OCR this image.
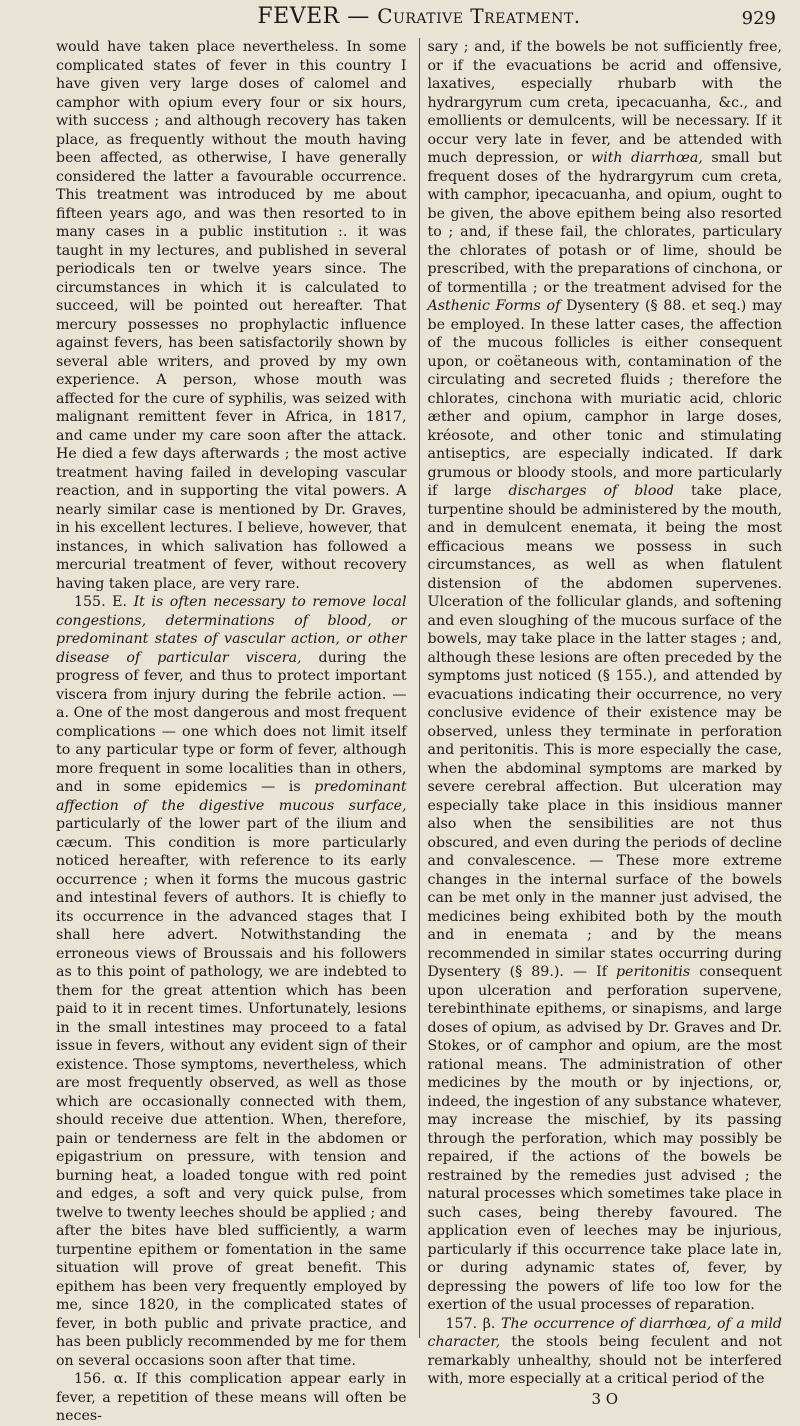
FEVER — Curative Treatment.	929

would have taken place nevertheless. In some complicated states of fever in this country I have given very large doses of calomel and camphor with opium every four or six hours, with success ; and although recovery has taken place, as frequently without the mouth having been affected, as otherwise, I have generally considered the latter a favourable occurrence. This treatment was introduced by me about fifteen years ago, and was then resorted to in many cases in a public institution :. it was taught in my lectures, and published in several periodicals ten or twelve years since. The circumstances in which it is calculated to succeed, will be pointed out hereafter. That mercury possesses no prophylactic influence against fevers, has been satisfactorily shown by several able writers, and proved by my own experience. A person, whose mouth was affected for the cure of syphilis, was seized with malignant remittent fever in Africa, in 1817, and came under my care soon after the attack. He died a few days afterwards ; the most active treatment having failed in developing vascular reaction, and in supporting the vital powers. A nearly similar case is mentioned by Dr. Graves, in his excellent lectures. I believe, however, that instances, in which salivation has followed a mercurial treatment of fever, without recovery having taken place, are very rare.

155. E. It is often necessary to remove local congestions, determinations of blood, or predominant states of vascular action, or other disease of particular viscera, during the progress of fever, and thus to protect important viscera from injury during the febrile action. — a. One of the most dangerous and most frequent complications — one which does not limit itself to any particular type or form of fever, although more frequent in some localities than in others, and in some epidemics — is predominant affection of the digestive mucous surface, particularly of the lower part of the ilium and cæcum. This condition is more particularly noticed hereafter, with reference to its early occurrence ; when it forms the mucous gastric and intestinal fevers of authors. It is chiefly to its occurrence in the advanced stages that I shall here advert. Notwithstanding the erroneous views of Broussais and his followers as to this point of pathology, we are indebted to them for the great attention which has been paid to it in recent times. Unfortunately, lesions in the small intestines may proceed to a fatal issue in fevers, without any evident sign of their existence. Those symptoms, nevertheless, which are most frequently observed, as well as those which are occasionally connected with them, should receive due attention. When, therefore, pain or tenderness are felt in the abdomen or epigastrium on pressure, with tension and burning heat, a loaded tongue with red point and edges, a soft and very quick pulse, from twelve to twenty leeches should be applied ; and after the bites have bled sufficiently, a warm turpentine epithem or fomentation in the same situation will prove of great benefit. This epithem has been very frequently employed by me, since 1820, in the complicated states of fever, in both public and private practice, and has been publicly recommended by me for them on several occasions soon after that time.

156. α. If this complication appear early in fever, a repetition of these means will often be neces-

sary ; and, if the bowels be not sufficiently free, or if the evacuations be acrid and offensive, laxatives, especially rhubarb with the hydrargyrum cum creta, ipecacuanha, &c., and emollients or demulcents, will be necessary. If it occur very late in fever, and be attended with much depression, or with diarrhœa, small but frequent doses of the hydrargyrum cum creta, with camphor, ipecacuanha, and opium, ought to be given, the above epithem being also resorted to ; and, if these fail, the chlorates, particulary the chlorates of potash or of lime, should be prescribed, with the preparations of cinchona, or of tormentilla ; or the treatment advised for the Asthenic Forms of Dysentery (§ 88. et seq.) may be employed. In these latter cases, the affection of the mucous follicles is either consequent upon, or coëtaneous with, contamination of the circulating and secreted fluids ; therefore the chlorates, cinchona with muriatic acid, chloric æther and opium, camphor in large doses, kréosote, and other tonic and stimulating antiseptics, are especially indicated. If dark grumous or bloody stools, and more particularly if large discharges of blood take place, turpentine should be administered by the mouth, and in demulcent enemata, it being the most efficacious means we possess in such circumstances, as well as when flatulent distension of the abdomen supervenes. Ulceration of the follicular glands, and softening and even sloughing of the mucous surface of the bowels, may take place in the latter stages ; and, although these lesions are often preceded by the symptoms just noticed (§ 155.), and attended by evacuations indicating their occurrence, no very conclusive evidence of their existence may be observed, unless they terminate in perforation and peritonitis. This is more especially the case, when the abdominal symptoms are marked by severe cerebral affection. But ulceration may especially take place in this insidious manner also when the sensibilities are not thus obscured, and even during the periods of decline and convalescence. — These more extreme changes in the internal surface of the bowels can be met only in the manner just advised, the medicines being exhibited both by the mouth and in enemata ; and by the means recommended in similar states occurring during Dysentery (§ 89.). — If peritonitis consequent upon ulceration and perforation supervene, terebinthinate epithems, or sinapisms, and large doses of opium, as advised by Dr. Graves and Dr. Stokes, or of camphor and opium, are the most rational means. The administration of other medicines by the mouth or by injections, or, indeed, the ingestion of any substance whatever, may increase the mischief, by its passing through the perforation, which may possibly be repaired, if the actions of the bowels be restrained by the remedies just advised ; the natural processes which sometimes take place in such cases, being thereby favoured. The application even of leeches may be injurious, particularly if this occurrence take place late in, or during adynamic states of, fever, by depressing the powers of life too low for the exertion of the usual processes of reparation.

157. β. The occurrence of diarrhœa, of a mild character, the stools being feculent and not remarkably unhealthy, should not be interfered with, more especially at a critical period of the

3 O
